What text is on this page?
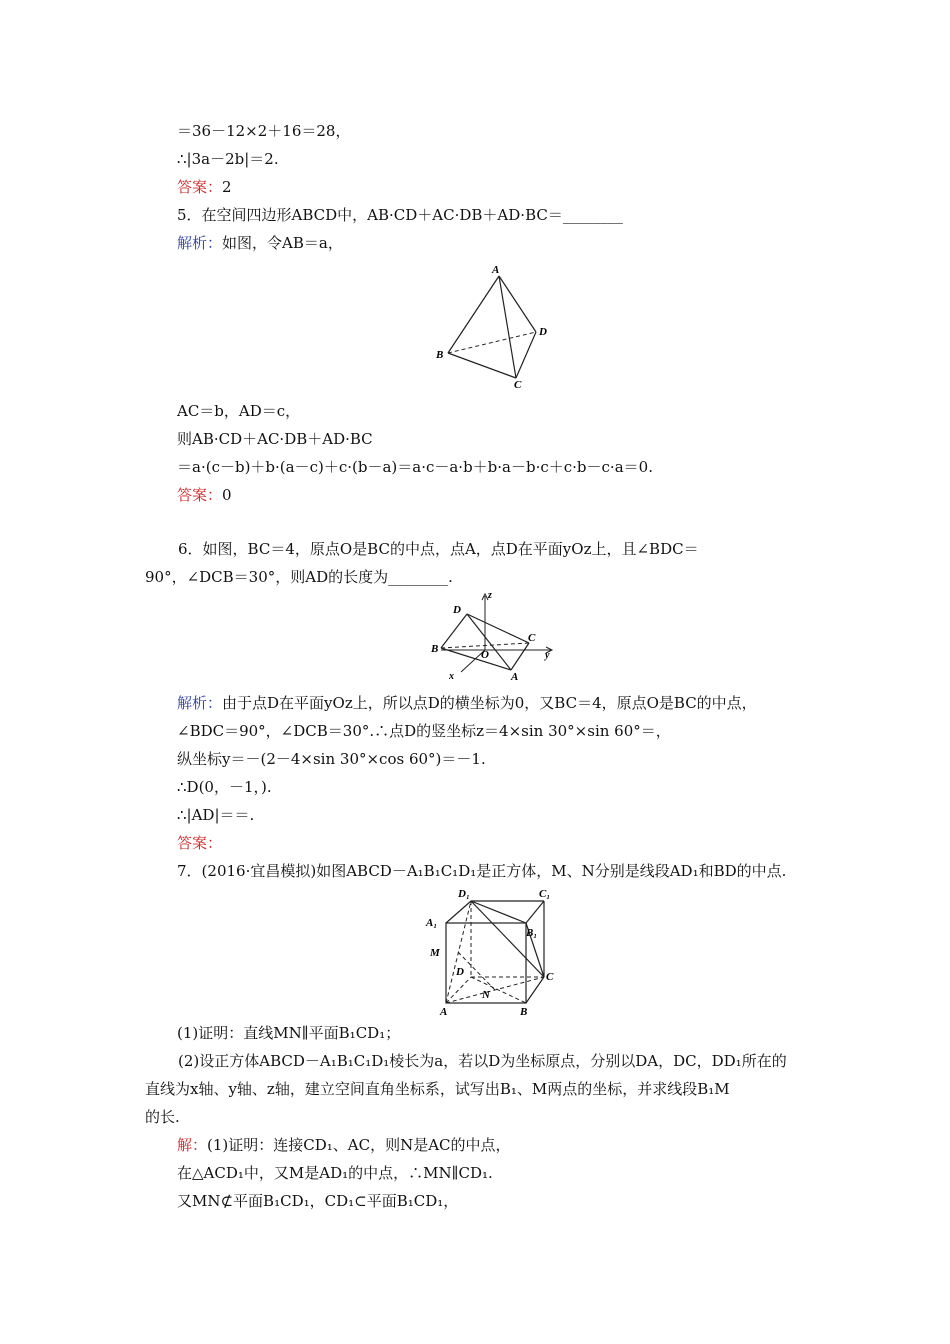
＝36－12×2＋16＝28，
∴|3a－2b|＝2.
答案：2
5．在空间四边形ABCD中，AB·CD＋AC·DB＋AD·BC＝________
解析：如图，令AB＝a，
A
B
C
D
AC＝b，AD＝c，
则AB·CD＋AC·DB＋AD·BC
＝a·(c－b)＋b·(a－c)＋c·(b－a)＝a·c－a·b＋b·a－b·c＋c·b－c·a＝0.
答案：0
6．如图，BC＝4，原点O是BC的中点，点A，点D在平面yOz上，且∠BDC＝
90°，∠DCB＝30°，则AD的长度为________.
D
B	O
A
C
x
y
z
解析：由于点D在平面yOz上，所以点D的横坐标为0，又BC＝4，原点O是BC的中点，
∠BDC＝90°，∠DCB＝30°.∴点D的竖坐标z＝4×sin 30°×sin 60°＝，
纵坐标y＝－(2－4×sin 30°×cos 60°)＝－1.
∴D(0，－1，).
∴|AD|＝＝.
答案：
7．(2016·宜昌模拟)如图ABCD－A₁B₁C₁D₁是正方体，M、N分别是线段AD₁和BD的中点.
D₁	C₁
A₁
B₁
M
D	C
N
A	B
(1)证明：直线MN∥平面B₁CD₁；
(2)设正方体ABCD－A₁B₁C₁D₁棱长为a，若以D为坐标原点，分别以DA，DC，DD₁所在的
直线为x轴、y轴、z轴，建立空间直角坐标系，试写出B₁、M两点的坐标，并求线段B₁M
的长.
解：(1)证明：连接CD₁、AC，则N是AC的中点，
在△ACD₁中，又M是AD₁的中点，∴MN∥CD₁.
又MN⊄平面B₁CD₁，CD₁⊂平面B₁CD₁，
